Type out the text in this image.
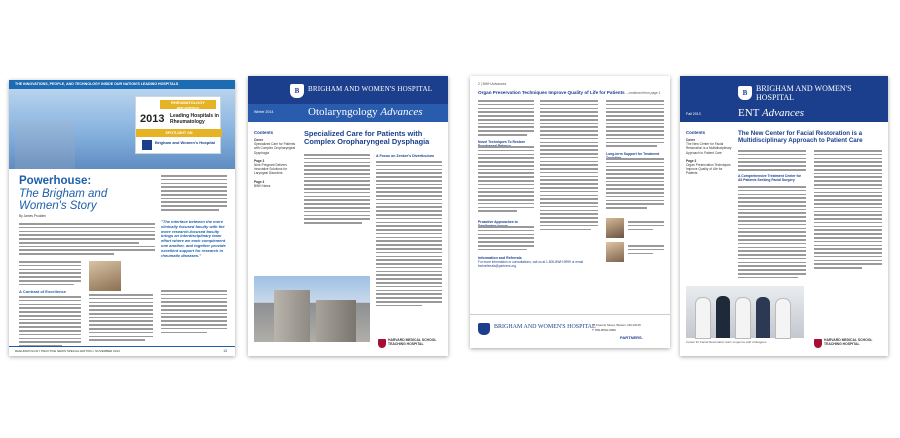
THE INNOVATIONS, PEOPLE, AND TECHNOLOGY INSIDE OUR NATION'S LEADING HOSPITALS
RHEUMATOLOGY
BEST HOSPITALS
2013 Leading Hospitals in
Rheumatology
SPOTLIGHT ON
Brigham and Women's Hospital
Powerhouse:
The Brigham and
Women's Story
By James Prudden
"The interface between the more clinically focused faculty with the more research-focused faculty brings an interdisciplinary team effort where we each complement one another, and together provide excellent support for research in rheumatic diseases."
A Contrast of Excellence
RHEUMATOLOGY PRACTICE NEWS SPECIAL EDITION • NOVEMBER 2013	13
B	BRIGHAM AND WOMEN'S HOSPITAL
Winter 2014	Otolaryngology Advances
Contents
Cover
Specialized Care for Patients with Complex Oropharyngeal Dysphagia
Page 3
Nine-Pregnant Delivers Innovative Solutions for Laryngeal Disorders
Page 4
BWH News
Specialized Care for Patients with Complex Oropharyngeal Dysphagia
A Focus on Zenker's Diverticulum
HARVARD MEDICAL SCHOOL TEACHING HOSPITAL
2 | BWH Advances
Organ Preservation Techniques Improve Quality of Life for Patients ...continued from page 1
Novel Techniques To Restore
Proactive Approaches to
Information and Referrals
For more information or consultations, call us at 1-800-BWH-9999 or email bwhreferrals@partners.org.
Long-term Support for Treatment
BRIGHAM AND WOMEN'S HOSPITAL
75 Francis Street, Boston, MA 02115
T: 800-BWH-9999
PARTNERS.
B	BRIGHAM AND WOMEN'S HOSPITAL
Fall 2013	ENT Advances
Contents
Cover
The New Center for Facial Restoration is a Multidisciplinary Approach to Patient Care
Page 3
Organ Preservation Techniques Improve Quality of Life for Patients
The New Center for Facial Restoration is a Multidisciplinary Approach to Patient Care
A Comprehensive Treatment Center for All Patients Seeking Facial Surgery
Center for Facial Restoration team surgeons with colleagues	HARVARD MEDICAL SCHOOL TEACHING HOSPITAL
